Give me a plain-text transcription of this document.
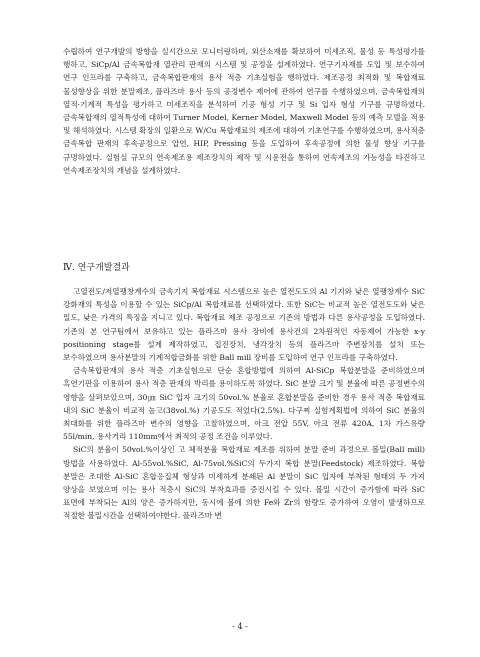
수립하여 연구개발의 방향을 실시간으로 모니터링하며, 외산소재를 확보하여 미세조직, 물성 등 특성평가를 행하고, SiCp/Al 금속복합재 열관리 판재의 시스템 및 공정을 설계하였다. 연구기자재를 도입 및 보수하여 연구 인프라를 구축하고, 금속복합판재의 용사 적층 기초실험을 행하였다. 제조공정 최적화 및 복합재료 물성향상을 위한 분말제조, 플라즈마 용사 등의 공정변수 제어에 관하여 연구를 수행하였으며, 금속복합재의 열적·기계적 특성을 평가하고 미세조직을 분석하여 기공 형성 기구 및 Si 입자 형성 기구를 규명하였다. 금속복합재의 열적특성에 대하여 Turner Model, Kerner Model, Maxwell Model 등의 예측 모델을 적용 및 해석하였다. 시스템 확장의 일환으로 W/Cu 복합재료의 제조에 대하여 기초연구를 수행하였으며, 용사적층 금속복합 판재의 후속공정으로 압연, HIP, Pressing 등을 도입하여 후속공정에 의한 물성 향상 기구를 규명하였다. 실험실 규모의 연속제조용 제조장치의 제작 및 시운전을 통하여 연속제조의 가능성을 타진하고 연속제조장치의 개념을 설계하였다.

Ⅳ. 연구개발결과

고열전도/저열팽창계수의 금속기지 복합재료 시스템으로 높은 열전도도의 Al 기지와 낮은 열팽창계수 SiC 강화재의 특성을 이용할 수 있는 SiCp/Al 복합재료를 선택하였다. 또한 SiC는 비교적 높은 열전도도와 낮은 밀도, 낮은 가격의 특징을 지니고 있다. 복합재료 제조 공정으로 기존의 방법과 다른 용사공정을 도입하였다. 기존의 본 연구팀에서 보유하고 있는 플라즈마 용사 장비에 용사건의 2차원적인 자동제어 가능한 x-y positioning stage를 설계 제작하였고, 집진장치, 냉각장치 등의 플라즈마 주변장치를 설치 또는 보수하였으며 용사분말의 기계적합금화를 위한 Ball mill 장비를 도입하여 연구 인프라를 구축하였다.

금속복합판재의 용사 적층 기초실험으로 단순 혼합방법에 의하여 Al-SiCp 복합분말을 준비하였으며 흑연기판을 이용하여 용사 적층 판재의 박리를 용이하도록 하였다. SiC 분말 크기 및 분율에 따른 공정변수의 영향을 살펴보았으며, 30㎛ SiC 입자 크기의 50vol.% 분율로 혼합분말을 준비한 경우 용사 적층 복합재료 내의 SiC 분율이 비교적 높고(38vol.%) 기공도도 적었다(2.5%). 다구찌 실험계획법에 의하여 SiC 분율의 최대화를 위한 플라즈마 변수의 영향을 고찰하였으며, 아크 전압 55V, 아크 전류 420A, 1차 가스유량 55l/min, 용사거리 110mm에서 최적의 공정 조건을 이루었다.

SiC의 분율이 50vol.%이상인 고 체적분율 복합재료 제조를 위하여 분말 준비 과정으로 볼밀(Ball mill) 방법을 사용하였다. Al-55vol.%SiC, Al-75vol.%SiC의 두가지 복합 분말(Feedstock) 제조하였다. 복합 분말은 조대한 Al-SiC 혼합응집체 형상과 미세하게 분쇄된 Al 분말이 SiC 입자에 부착된 형태의 두 가지 양상을 보였으며 이는 용사 적층시 SiC의 부착효과를 증진시킬 수 있다. 볼밀 시간이 증가함에 따라 SiC 표면에 부착되는 Al의 양은 증가하지만, 동시에 볼에 의한 Fe와 Zr의 함량도 증가하여 오염이 발생하므로 적절한 볼밀시간을 선택하여야한다. 플라즈마 변

- 4 -
